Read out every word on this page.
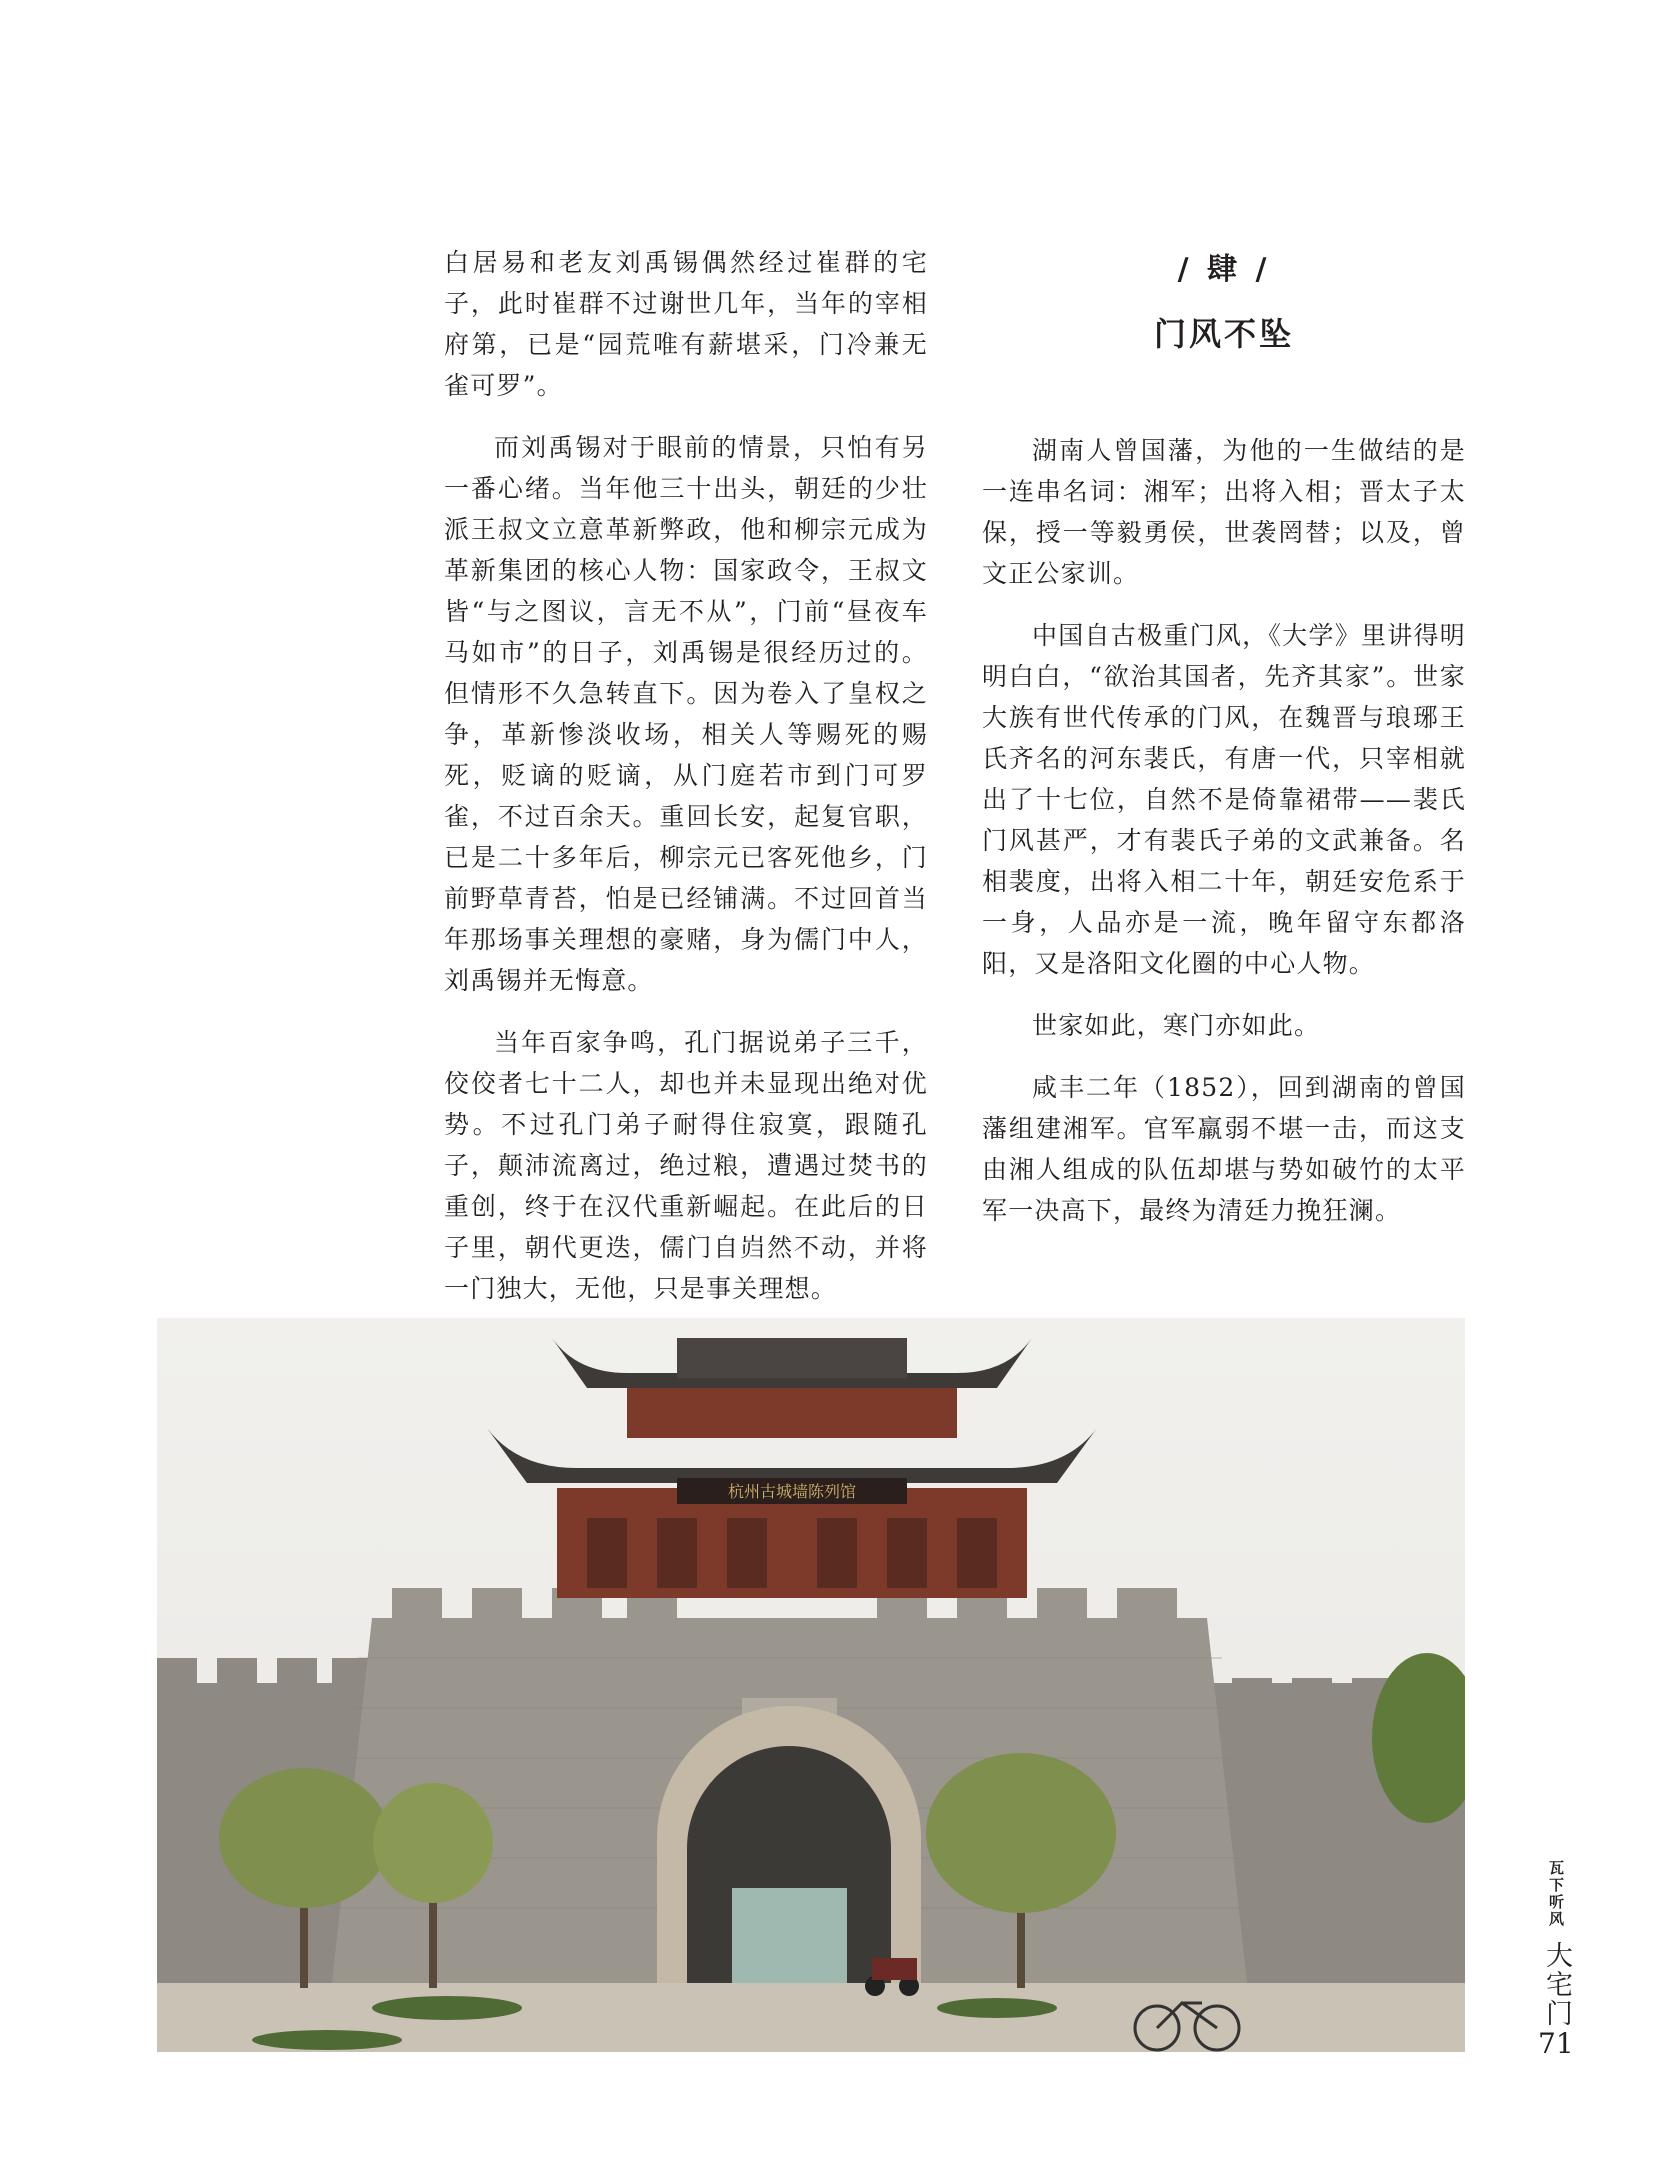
白居易和老友刘禹锡偶然经过崔群的宅子，此时崔群不过谢世几年，当年的宰相府第，已是“园荒唯有薪堪采，门冷兼无雀可罗”。

而刘禹锡对于眼前的情景，只怕有另一番心绪。当年他三十出头，朝廷的少壮派王叔文立意革新弊政，他和柳宗元成为革新集团的核心人物：国家政令，王叔文皆“与之图议，言无不从”，门前“昼夜车马如市”的日子，刘禹锡是很经历过的。但情形不久急转直下。因为卷入了皇权之争，革新惨淡收场，相关人等赐死的赐死，贬谪的贬谪，从门庭若市到门可罗雀，不过百余天。重回长安，起复官职，已是二十多年后，柳宗元已客死他乡，门前野草青苔，怕是已经铺满。不过回首当年那场事关理想的豪赌，身为儒门中人，刘禹锡并无悔意。

当年百家争鸣，孔门据说弟子三千，佼佼者七十二人，却也并未显现出绝对优势。不过孔门弟子耐得住寂寞，跟随孔子，颠沛流离过，绝过粮，遭遇过焚书的重创，终于在汉代重新崛起。在此后的日子里，朝代更迭，儒门自岿然不动，并将一门独大，无他，只是事关理想。

/ 肆 /
门风不坠

湖南人曾国藩，为他的一生做结的是一连串名词：湘军；出将入相；晋太子太保，授一等毅勇侯，世袭罔替；以及，曾文正公家训。

中国自古极重门风，《大学》里讲得明明白白，“欲治其国者，先齐其家”。世家大族有世代传承的门风，在魏晋与琅琊王氏齐名的河东裴氏，有唐一代，只宰相就出了十七位，自然不是倚靠裙带——裴氏门风甚严，才有裴氏子弟的文武兼备。名相裴度，出将入相二十年，朝廷安危系于一身，人品亦是一流，晚年留守东都洛阳，又是洛阳文化圈的中心人物。

世家如此，寒门亦如此。

咸丰二年（1852），回到湖南的曾国藩组建湘军。官军羸弱不堪一击，而这支由湘人组成的队伍却堪与势如破竹的太平军一决高下，最终为清廷力挽狂澜。

杭州古城墙陈列馆
瓦下听风 大宅门
71
